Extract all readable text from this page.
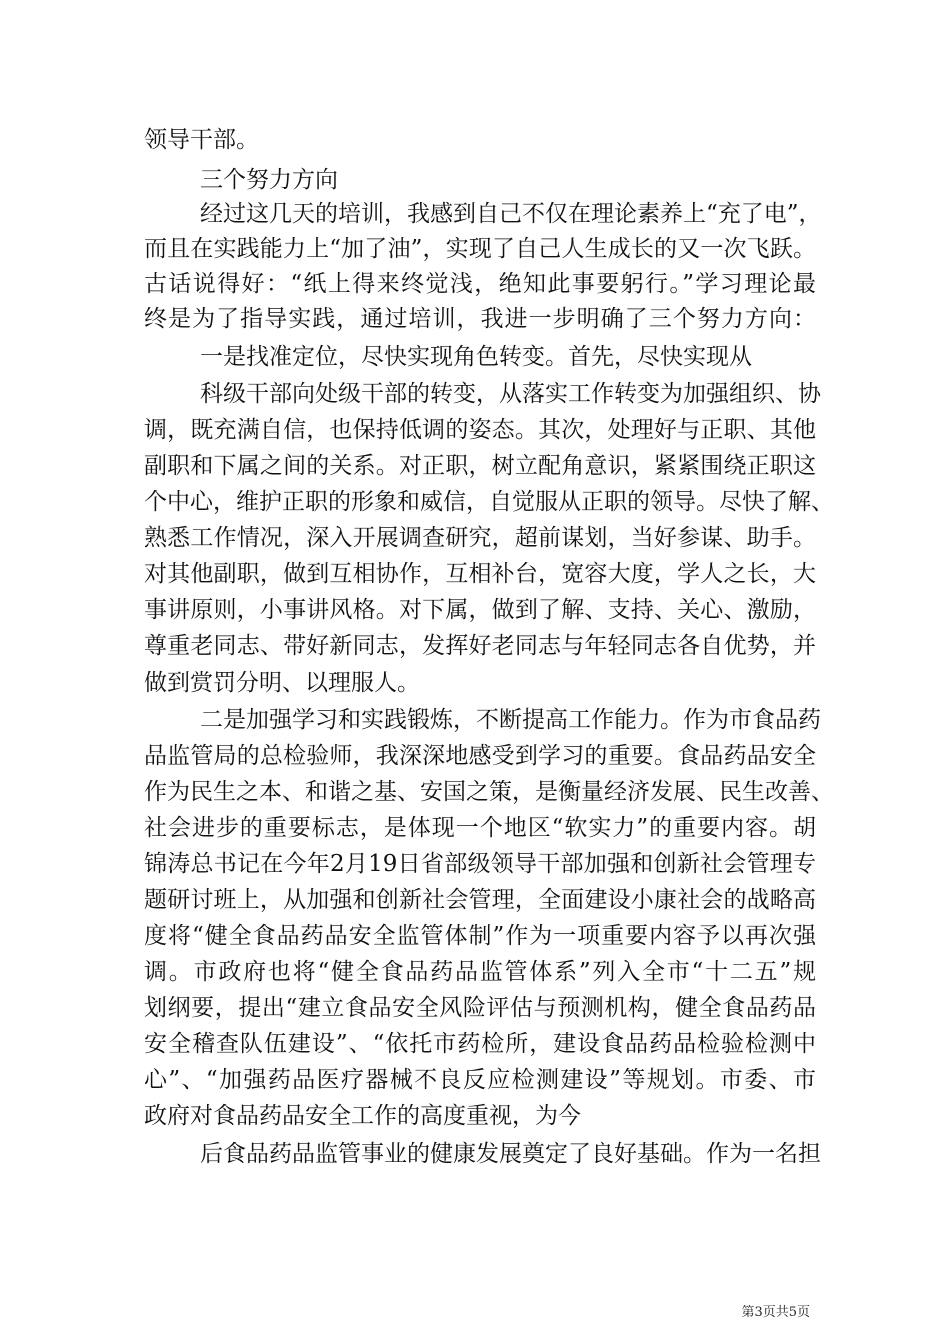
领导干部。
三个努力方向
经过这几天的培训，我感到自己不仅在理论素养上“充了电”，
而且在实践能力上“加了油”，实现了自己人生成长的又一次飞跃。
古话说得好：“纸上得来终觉浅，绝知此事要躬行。”学习理论最
终是为了指导实践，通过培训，我进一步明确了三个努力方向：
一是找准定位，尽快实现角色转变。首先，尽快实现从
科级干部向处级干部的转变，从落实工作转变为加强组织、协
调，既充满自信，也保持低调的姿态。其次，处理好与正职、其他
副职和下属之间的关系。对正职，树立配角意识，紧紧围绕正职这
个中心，维护正职的形象和威信，自觉服从正职的领导。尽快了解、
熟悉工作情况，深入开展调查研究，超前谋划，当好参谋、助手。
对其他副职，做到互相协作，互相补台，宽容大度，学人之长，大
事讲原则，小事讲风格。对下属，做到了解、支持、关心、激励，
尊重老同志、带好新同志，发挥好老同志与年轻同志各自优势，并
做到赏罚分明、以理服人。
二是加强学习和实践锻炼，不断提高工作能力。作为市食品药
品监管局的总检验师，我深深地感受到学习的重要。食品药品安全
作为民生之本、和谐之基、安国之策，是衡量经济发展、民生改善、
社会进步的重要标志，是体现一个地区“软实力”的重要内容。胡
锦涛总书记在今年2月19日省部级领导干部加强和创新社会管理专
题研讨班上，从加强和创新社会管理，全面建设小康社会的战略高
度将“健全食品药品安全监管体制”作为一项重要内容予以再次强
调。市政府也将“健全食品药品监管体系”列入全市“十二五”规
划纲要，提出“建立食品安全风险评估与预测机构，健全食品药品
安全稽查队伍建设”、“依托市药检所，建设食品药品检验检测中
心”、“加强药品医疗器械不良反应检测建设”等规划。市委、市
政府对食品药品安全工作的高度重视，为今
后食品药品监管事业的健康发展奠定了良好基础。作为一名担
第3页共5页
